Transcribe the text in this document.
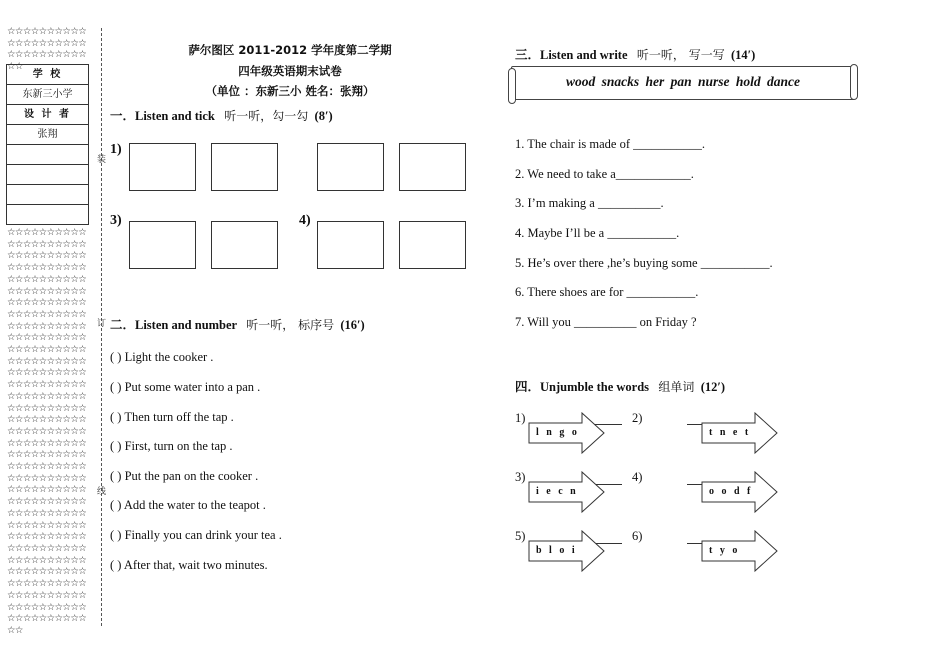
☆☆☆☆☆☆☆☆☆☆☆☆☆☆☆☆☆☆☆☆☆☆☆☆☆☆☆☆☆☆☆☆
学 校
东新三小学
设 计 者
张翔
☆☆☆☆☆☆☆☆☆☆☆☆☆☆☆☆☆☆☆☆☆☆☆☆☆☆☆☆☆☆☆☆☆☆☆☆☆☆☆☆☆☆☆☆☆☆☆☆☆☆☆☆☆☆☆☆☆☆☆☆☆☆☆☆☆☆☆☆☆☆☆☆☆☆☆☆☆☆☆☆☆☆☆☆☆☆☆☆☆☆☆☆☆☆☆☆☆☆☆☆☆☆☆☆☆☆☆☆☆☆☆☆☆☆☆☆☆☆☆☆☆☆☆☆☆☆☆☆☆☆☆☆☆☆☆☆☆☆☆☆☆☆☆☆☆☆☆☆☆☆☆☆☆☆☆☆☆☆☆☆☆☆☆☆☆☆☆☆☆☆☆☆☆☆☆☆☆☆☆☆☆☆☆☆☆☆☆☆☆☆☆☆☆☆☆☆☆☆☆☆☆☆☆☆☆☆☆☆☆☆☆☆☆☆☆☆☆☆☆☆☆☆☆☆☆☆☆☆☆☆☆☆☆☆☆☆☆☆☆☆☆☆☆☆☆☆☆☆☆☆☆☆☆☆☆☆☆☆☆☆☆☆☆☆☆☆☆☆☆☆☆☆☆☆☆☆☆☆☆☆☆☆☆☆☆☆☆☆☆☆☆☆☆☆☆☆☆☆☆☆☆☆☆☆☆☆☆☆☆☆☆☆☆☆☆☆☆☆☆☆☆☆☆☆☆☆☆☆☆☆☆☆☆☆☆☆☆☆☆☆☆☆
装
订
线
萨尔图区 2011-2012 学年度第二学期
四年级英语期末试卷
（单位 ：东新三小 姓名：张翔）
一．Listen and tick 听一听，勾一勾 (8′)
1)
3)	4)
二．Listen and number 听一听， 标序号 (16′)
( ) Light the cooker .
( ) Put some water into a pan .
( ) Then turn off the tap .
( ) First, turn on the tap .
( ) Put the pan on the cooker .
( ) Add the water to the teapot .
( ) Finally you can drink your tea .
( ) After that, wait two minutes.
三．Listen and write 听一听， 写一写 (14′)
wood snacks her pan nurse hold dance
1. The chair is made of ___________.
2. We need to take a____________.
3. I’m making a __________.
4. Maybe I’ll be a ___________.
5. He’s over there ,he’s buying some ___________.
6. There shoes are for ___________.
7. Will you __________ on Friday ?
四．Unjumble the words 组单词 (12′)
1)
l n g o
2)
t n e t
3)
i e c n
4)
o o d f
5)
b l o i
6)
t y o
